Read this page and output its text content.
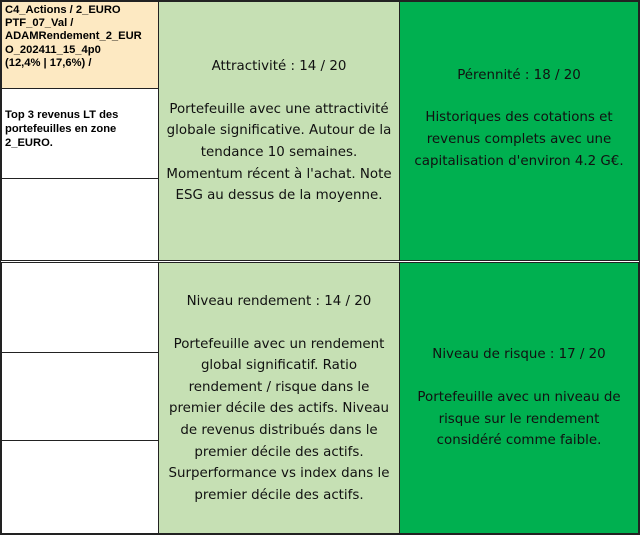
C4_Actions / 2_EURO
PTF_07_Val /
ADAMRendement_2_EUR
O_202411_15_4p0
(12,4% | 17,6%) /
Top 3 revenus LT des portefeuilles en zone 2_EURO.
Attractivité : 14 / 20
Portefeuille avec une attractivité globale significative. Autour de la tendance 10 semaines. Momentum récent à l'achat. Note ESG au dessus de la moyenne.
Pérennité : 18 / 20
Historiques des cotations et revenus complets avec une capitalisation d'environ 4.2 G€.
Niveau rendement : 14 / 20
Portefeuille avec un rendement global significatif. Ratio rendement / risque dans le premier décile des actifs. Niveau de revenus distribués dans le premier décile des actifs. Surperformance vs index dans le premier décile des actifs.
Niveau de risque : 17 / 20
Portefeuille avec un niveau de risque sur le rendement considéré comme faible.
